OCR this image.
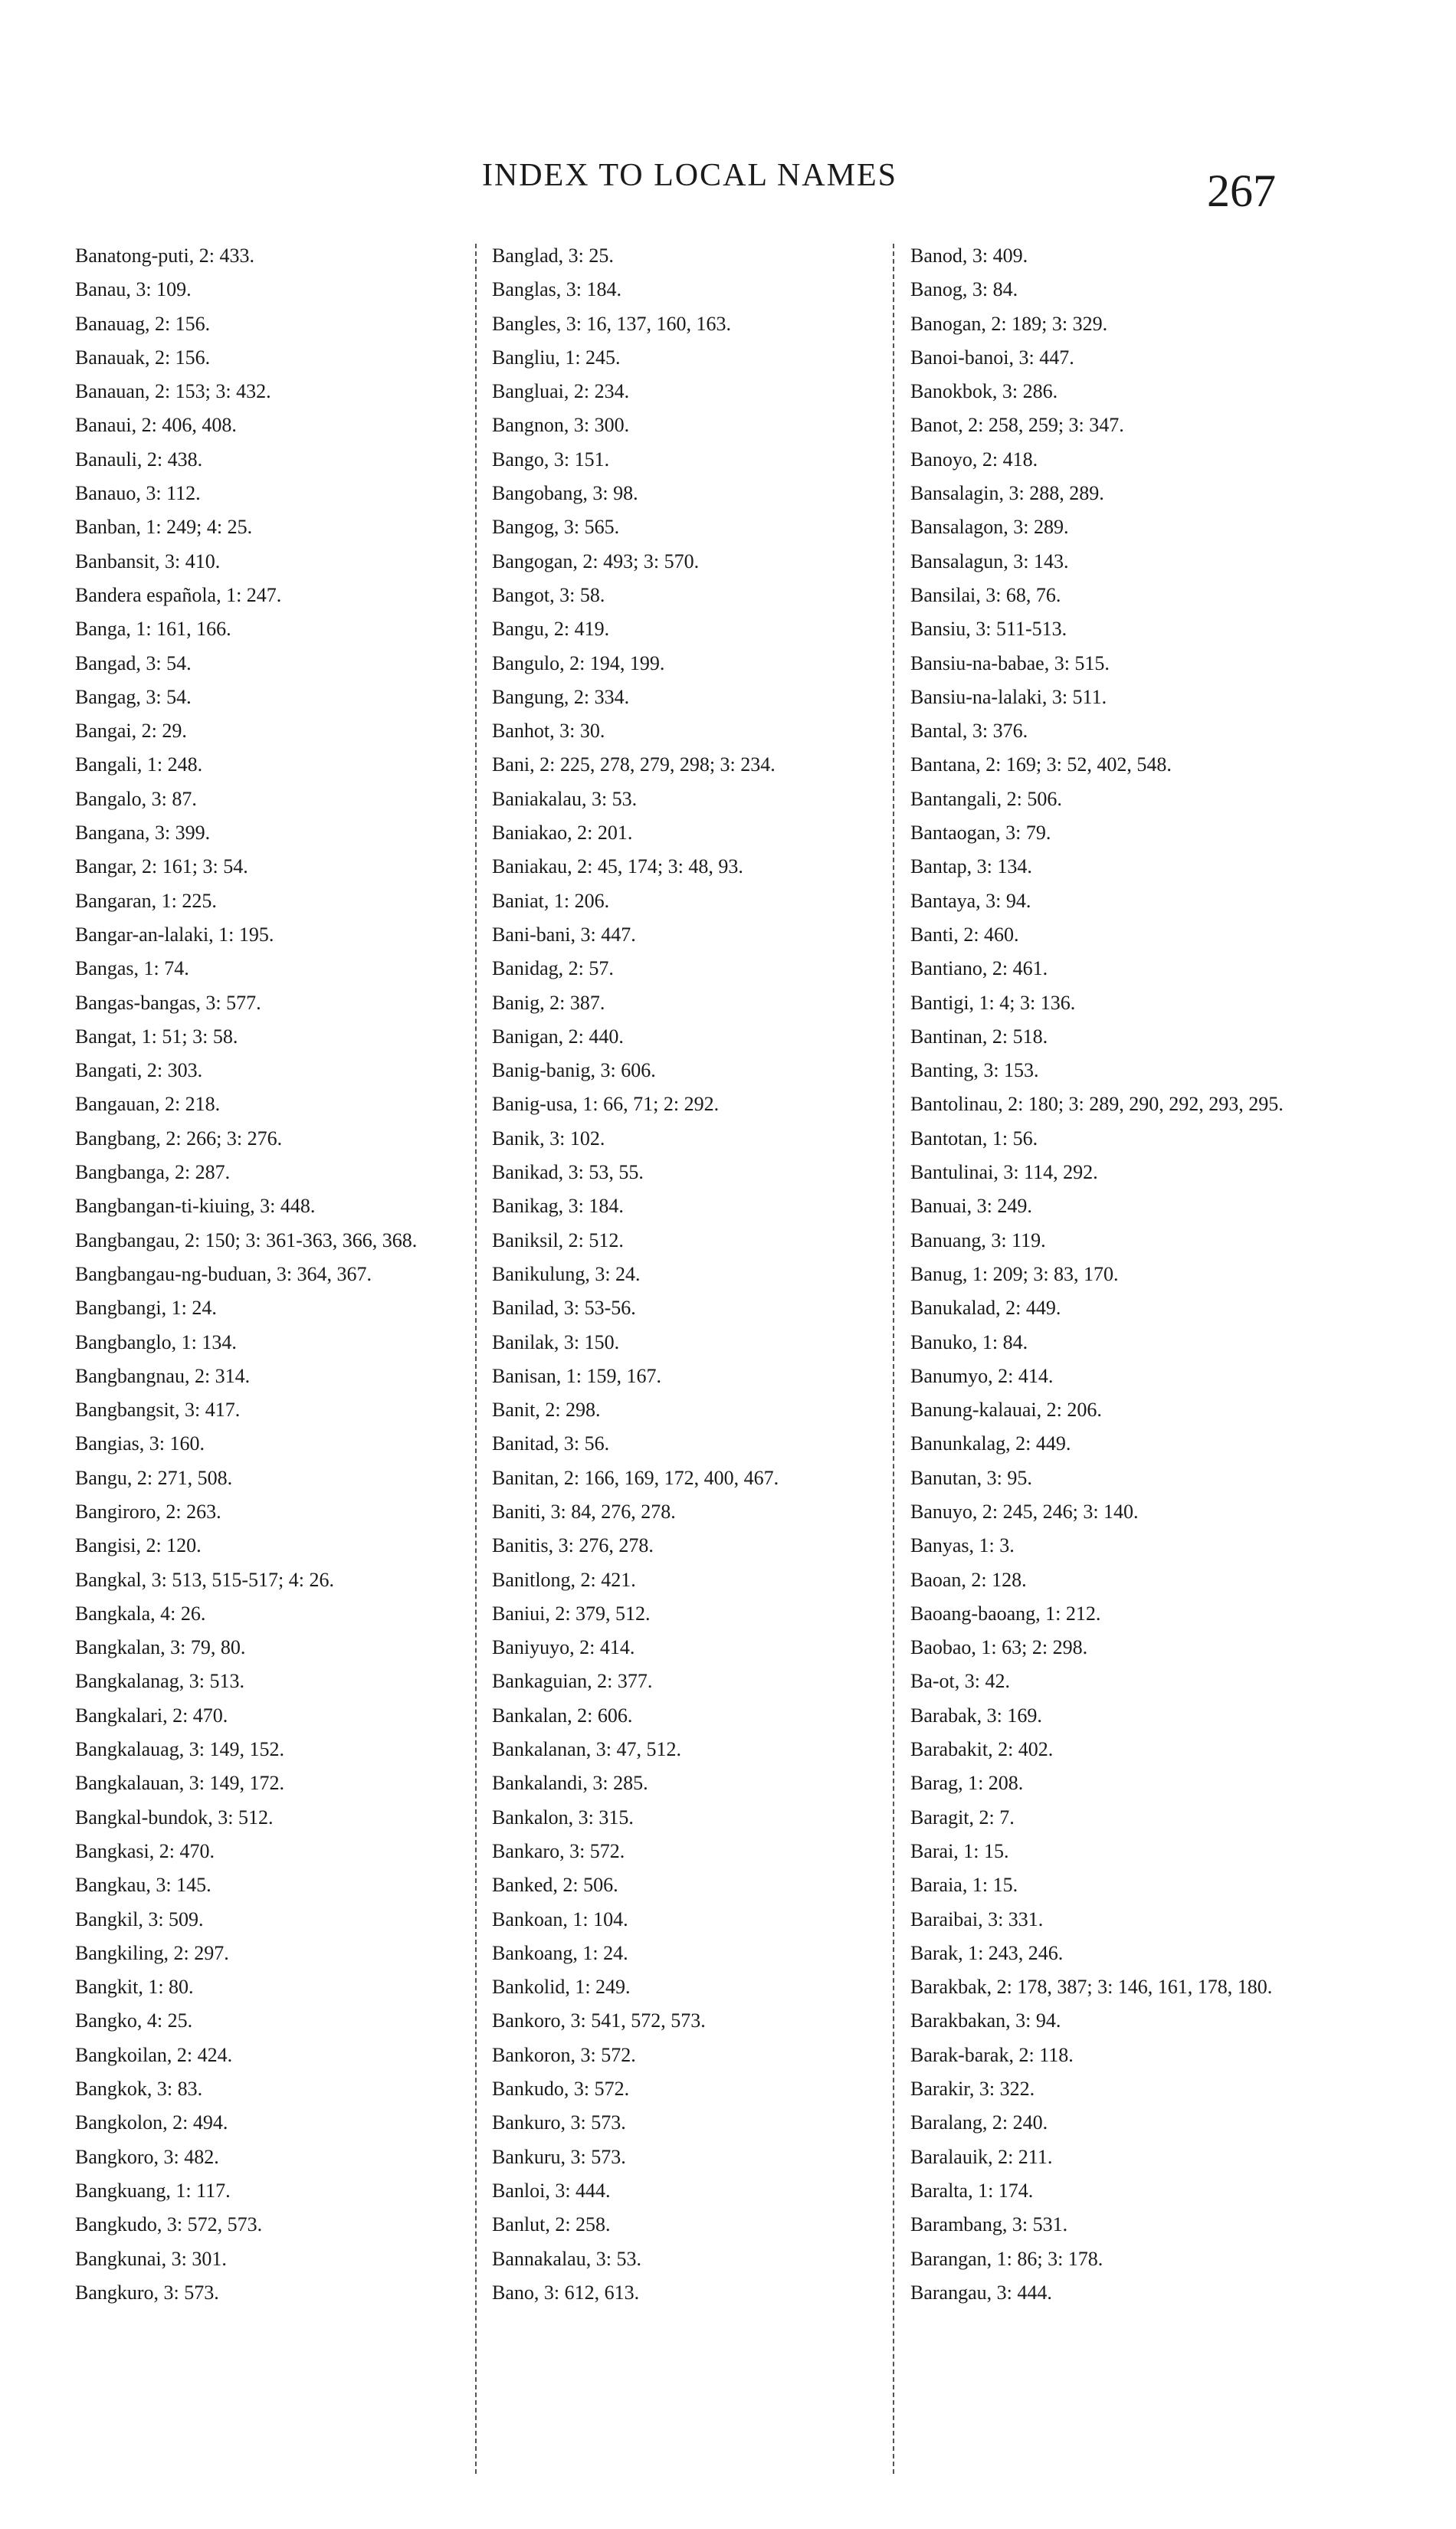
INDEX TO LOCAL NAMES	267
Banatong-puti, 2: 433.
Banau, 3: 109.
Banauag, 2: 156.
Banauak, 2: 156.
Banauan, 2: 153; 3: 432.
Banaui, 2: 406, 408.
Banauli, 2: 438.
Banauo, 3: 112.
Banban, 1: 249; 4: 25.
Banbansit, 3: 410.
Bandera española, 1: 247.
Banga, 1: 161, 166.
Bangad, 3: 54.
Bangag, 3: 54.
Bangai, 2: 29.
Bangali, 1: 248.
Bangalo, 3: 87.
Bangana, 3: 399.
Bangar, 2: 161; 3: 54.
Bangaran, 1: 225.
Bangar-an-lalaki, 1: 195.
Bangas, 1: 74.
Bangas-bangas, 3: 577.
Bangat, 1: 51; 3: 58.
Bangati, 2: 303.
Bangauan, 2: 218.
Bangbang, 2: 266; 3: 276.
Bangbanga, 2: 287.
Bangbangan-ti-kiuing, 3: 448.
Bangbangau, 2: 150; 3: 361-363, 366, 368.
Bangbangau-ng-buduan, 3: 364, 367.
Bangbangi, 1: 24.
Bangbanglo, 1: 134.
Bangbangnau, 2: 314.
Bangbangsit, 3: 417.
Bangias, 3: 160.
Bangu, 2: 271, 508.
Bangiroro, 2: 263.
Bangisi, 2: 120.
Bangkal, 3: 513, 515-517; 4: 26.
Bangkala, 4: 26.
Bangkalan, 3: 79, 80.
Bangkalanag, 3: 513.
Bangkalari, 2: 470.
Bangkalauag, 3: 149, 152.
Bangkalauan, 3: 149, 172.
Bangkal-bundok, 3: 512.
Bangkasi, 2: 470.
Bangkau, 3: 145.
Bangkil, 3: 509.
Bangkiling, 2: 297.
Bangkit, 1: 80.
Bangko, 4: 25.
Bangkoilan, 2: 424.
Bangkok, 3: 83.
Bangkolon, 2: 494.
Bangkoro, 3: 482.
Bangkuang, 1: 117.
Bangkudo, 3: 572, 573.
Bangkunai, 3: 301.
Bangkuro, 3: 573.
Banglad, 3: 25.
Banglas, 3: 184.
Bangles, 3: 16, 137, 160, 163.
Bangliu, 1: 245.
Bangluai, 2: 234.
Bangnon, 3: 300.
Bango, 3: 151.
Bangobang, 3: 98.
Bangog, 3: 565.
Bangogan, 2: 493; 3: 570.
Bangot, 3: 58.
Bangu, 2: 419.
Bangulo, 2: 194, 199.
Bangung, 2: 334.
Banhot, 3: 30.
Bani, 2: 225, 278, 279, 298; 3: 234.
Baniakalau, 3: 53.
Baniakao, 2: 201.
Baniakau, 2: 45, 174; 3: 48, 93.
Baniat, 1: 206.
Bani-bani, 3: 447.
Banidag, 2: 57.
Banig, 2: 387.
Banigan, 2: 440.
Banig-banig, 3: 606.
Banig-usa, 1: 66, 71; 2: 292.
Banik, 3: 102.
Banikad, 3: 53, 55.
Banikag, 3: 184.
Baniksil, 2: 512.
Banikulung, 3: 24.
Banilad, 3: 53-56.
Banilak, 3: 150.
Banisan, 1: 159, 167.
Banit, 2: 298.
Banitad, 3: 56.
Banitan, 2: 166, 169, 172, 400, 467.
Baniti, 3: 84, 276, 278.
Banitis, 3: 276, 278.
Banitlong, 2: 421.
Baniui, 2: 379, 512.
Baniyuyo, 2: 414.
Bankaguian, 2: 377.
Bankalan, 2: 606.
Bankalanan, 3: 47, 512.
Bankalandi, 3: 285.
Bankalon, 3: 315.
Bankaro, 3: 572.
Banked, 2: 506.
Bankoan, 1: 104.
Bankoang, 1: 24.
Bankolid, 1: 249.
Bankoro, 3: 541, 572, 573.
Bankoron, 3: 572.
Bankudo, 3: 572.
Bankuro, 3: 573.
Bankuru, 3: 573.
Banloi, 3: 444.
Banlut, 2: 258.
Bannakalau, 3: 53.
Bano, 3: 612, 613.
Banod, 3: 409.
Banog, 3: 84.
Banogan, 2: 189; 3: 329.
Banoi-banoi, 3: 447.
Banokbok, 3: 286.
Banot, 2: 258, 259; 3: 347.
Banoyo, 2: 418.
Bansalagin, 3: 288, 289.
Bansalagon, 3: 289.
Bansalagun, 3: 143.
Bansilai, 3: 68, 76.
Bansiu, 3: 511-513.
Bansiu-na-babae, 3: 515.
Bansiu-na-lalaki, 3: 511.
Bantal, 3: 376.
Bantana, 2: 169; 3: 52, 402, 548.
Bantangali, 2: 506.
Bantaogan, 3: 79.
Bantap, 3: 134.
Bantaya, 3: 94.
Banti, 2: 460.
Bantiano, 2: 461.
Bantigi, 1: 4; 3: 136.
Bantinan, 2: 518.
Banting, 3: 153.
Bantolinau, 2: 180; 3: 289, 290, 292, 293, 295.
Bantotan, 1: 56.
Bantulinai, 3: 114, 292.
Banuai, 3: 249.
Banuang, 3: 119.
Banug, 1: 209; 3: 83, 170.
Banukalad, 2: 449.
Banuko, 1: 84.
Banumyo, 2: 414.
Banung-kalauai, 2: 206.
Banunkalag, 2: 449.
Banutan, 3: 95.
Banuyo, 2: 245, 246; 3: 140.
Banyas, 1: 3.
Baoan, 2: 128.
Baoang-baoang, 1: 212.
Baobao, 1: 63; 2: 298.
Ba-ot, 3: 42.
Barabak, 3: 169.
Barabakit, 2: 402.
Barag, 1: 208.
Baragit, 2: 7.
Barai, 1: 15.
Baraia, 1: 15.
Baraibai, 3: 331.
Barak, 1: 243, 246.
Barakbak, 2: 178, 387; 3: 146, 161, 178, 180.
Barakbakan, 3: 94.
Barak-barak, 2: 118.
Barakir, 3: 322.
Baralang, 2: 240.
Baralauik, 2: 211.
Baralta, 1: 174.
Barambang, 3: 531.
Barangan, 1: 86; 3: 178.
Barangau, 3: 444.
